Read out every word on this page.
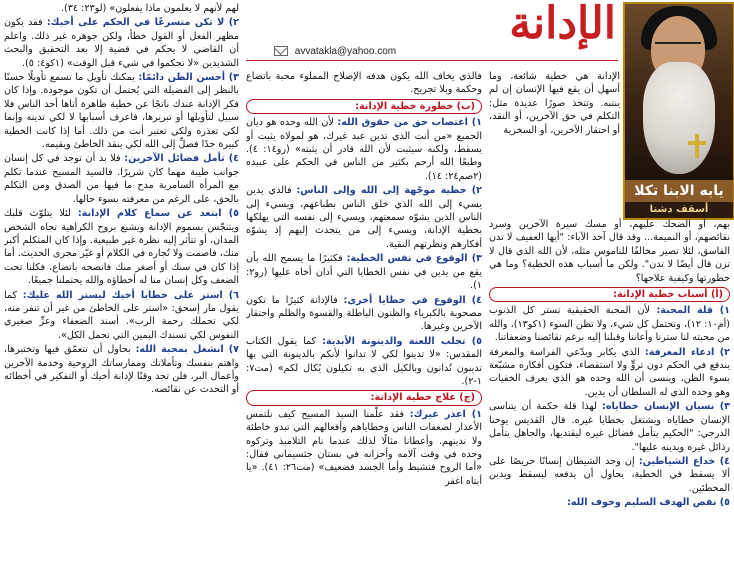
الإدانة
avvatakla@yahoo.com
يابه الابنا تكلا
أسقف دشنا

الإدانة هي خطية شائعة، وما أسهل أن يقع فيها الإنسان إن لم ينتبه. وتتخذ صورًا عديدة مثل: التكلم في حق الآخرين، أو النقد، أو احتقار الآخرين، أو السخرية

بهم، أو الضحك عليهم، أو مسك سيرة الآخرين وسرد نقائصهم، أو النميمة... وقد قال آحد الآباء: "أيها العفيف لا تدن الفاسق، لئلا تصير مخالفًا للناموس مثله، لأن الله الذي قال لا تزن قال أيضًا لا تدن". ولكن ما أسباب هذه الخطية؟ وما هي خطورتها وكيفية علاجها؟

(أ) أسباب خطية الإدانة:

١) قلة المحبة: لأن المحبة الحقيقية تستر كل الذنوب (أم١٠: ١٢)، وتحتمل كل شيء، ولا تظن السوء (١كو١٣)، والله من محبته لنا سترنا وأعاننا وقبلنا إليه برغم نقائصنا وضعفاتنا.

٢) ادعاء المعرفة: الذي يكابر ويدّعي الفراسة والمعرفة يندفع في الحكم دون تروٍّ ولا استقصاء، فتكون أفكاره مشبّعة بسوء الظن، وينسى أن الله وحده هو الذي يعرف الخفيات وهو وحده الذي له السلطان أن يدين.

٣) نسيان الإنسان خطاياه: لهذا قلة حكمة أن يتناسى الإنسان خطاياه ويشتغل بخطايا غيره. قال القديس يوحنا الدرجي: "الحكيم يتأمل فضائل غيره ليقتديها، والجاهل يتأمل رذائل غيره ويدينه عليها".

٤) خداع الشياطين: إن وجد الشيطان إنسانًا حريصًا على ألا يسقط في الخطية، يحاول أن يدفعه ليسقط ويدين المخطئين.

٥) نقص الهدف السليم وخوف الله:

فالذي يخاف الله يكون هدفه الإصلاح المملوء محبة باتضاع وحكمة وبلا تجريح.

(ب) خطورة خطية الإدانة:

١) اغتصاب حق من حقوق الله: لأن الله وحده هو ديان الجميع «من أنت الذي تدين عبد غيرك، هو لمولاه يثبت أو يسقط، ولكنه سيثبت لأن الله قادر أن يثبته» (رو١٤: ٤). وطبعًا الله أرحم بكثير من الناس في الحكم على عبيده (٢صم٢٤: ١٤).

٢) خطية موجّهة إلى الله وإلى الناس: فالذي يدين يسيء إلى الله الذي خلق الناس بطباعهم، ويسيء إلى الناس الذين يشوّه سمعتهم، ويسيء إلى نفسه التي يهلكها بخطية الإدانة، ويسيء إلى من يتحدث إليهم إذ يشوّه أفكارهم ونظرتهم النقية.

٣) الوقوع في نفس الخطية: فكثيرًا ما يسمح الله بأن يقع من يدين في نفس الخطايا التي أدان أخاه عليها (رو٢: ١).

٤) الوقوع في خطايا أخرى: فالإدانة كثيرًا ما تكون مصحوبة بالكبرياء والظنون الباطلة والقسوة والظلم واحتقار الآخرين وغيرها.

٥) تجلب اللعنة والدينونة الأبدية: كما يقول الكتاب المقدس: «لا تدينوا لكي لا تدانوا لأنكم بالدينونة التي بها تدينون تُدانون وبالكيل الذي به تكيلون يُكال لكم» (مت٧: ١-٢).

(ج) علاج خطية الإدانة:

١) اعذر غيرك: فقد علّمنا السيد المسيح كيف نلتمس الأعذار لضعفات الناس وخطاياهم وأفعالهم التي تبدو خاطئة ولا ندينهم. وأعطانا مثالًا لذلك عندما نام التلاميذ وتركوه وحده في وقت آلامه وأحزانه في بستان جثسيماني فقال: «أما الروح فنشيط وأما الجسد فضعيف» (مت٢٦: ٤١). «يا أبتاه اغفر

لهم لأنهم لا يعلمون ماذا يفعلون» (لو٢٣: ٣٤).

٢) لا تكن متسرعًا في الحكم على أخيك: فقد يكون مظهر الفعل أو القول خطأ، ولكن جوهره غير ذلك. واعلم أن القاضي لا يحكم في قضية إلا بعد التحقيق والبحث الشديدين «لا تحكموا في شيء قبل الوقت» (١كو٤: ٥).

٣) أحسن الظن دائمًا: يمكنك تأويل ما تسمع تأويلًا حسنًا بالنظر إلى الفضيلة التي يُحتمل أن تكون موجودة. وإذا كان فكر الإدانة عندك ناتجًا عن خطية ظاهرة أتاها أحد الناس فلا سبيل لتأويلها أو تبريرها، فاعرف أسبابها لا لكي تدينه وإنما لكي تعذره ولكي تعتبر أنت من ذلك. أما إذا كانت الخطية كبيرة جدًا فصلِّ إلى الله لكي ينقذ الخاطئ ويقيمه.

٤) تأمل فضائل الآخرين: فلا بد أن توجد في كل إنسان جوانب طيبة مهما كان شريرًا. فالسيد المسيح عندما تكلم مع المرأة السامرية مدح ما فيها من الصدق ومن التكلم بالحق، على الرغم من معرفته بسوء حالها.

٥) ابتعد عن سماع كلام الإدانة: لئلا يتلوّث قلبك ويتنجّس بسموم الإدانة ويشبع بروح الكراهية تجاه الشخص المدان، أو تتأثر إليه نظرة غير طبيعية. وإذا كان المتكلم أكبر منك، فاصمت ولا تُجاره في الكلام أو غيّر مجرى الحديث. أما إذا كان في سنك أو أصغر منك فانصحه باتضاع، فكلنا تحت الضعف وكل إنسان منا له أخطاؤه والله يحتملنا جميعًا.

٦) استر على خطايا أخيك ليستر الله عليك: كما يقول مار إسحق: «استر على الخاطئ من غير أن تنفر منه، لكي تحملك رحمة الرب». أسند الضعفاء وعزِّ صغيري النفوس لكي تسندك اليمين التي تحمل الكل».

٧) انشغل بمحبة الله: بحاول أن تتعمّق فيها وتختبرها، واهتم بنفسك وتأملاتك وممارساتك الروحية وخدمة الآخرين وأعمال البر، فلن تجد وقتًا لإدانة أخيك أو التفكير في أخطائه أو التحدث عن نقائصه.
